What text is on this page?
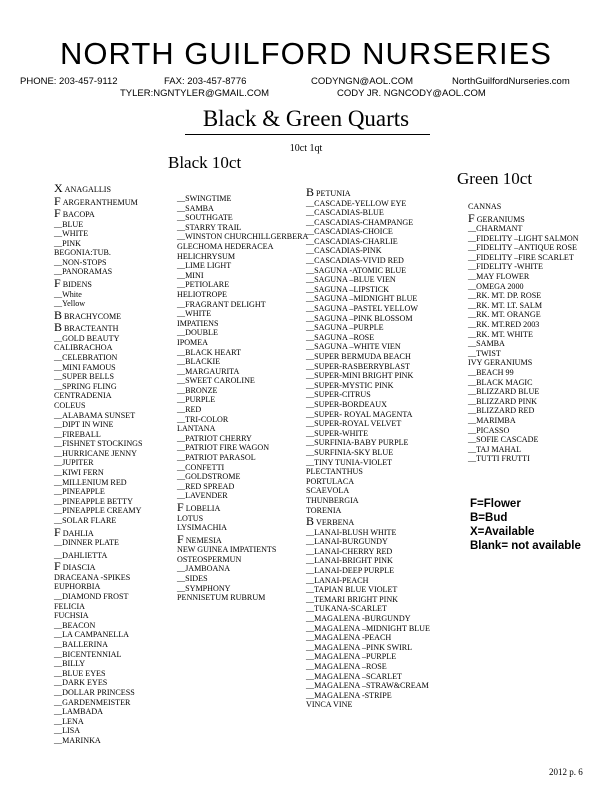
NORTH GUILFORD NURSERIES
PHONE: 203-457-9112	FAX: 203-457-8776	CODYNGN@AOL.COM	NorthGuilfordNurseries.com
TYLER:NGNTYLER@GMAIL.COM	CODY JR. NGNCODY@AOL.COM
Black & Green Quarts
10ct 1qt
Black 10ct
Green 10ct
X ANAGALLIS
F ARGERANTHEMUM
F BACOPA
__BLUE
__WHITE
__PINK
BEGONIA:TUB.
__NON-STOPS
__PANORAMAS
F BIDENS
__White
__Yellow
B BRACHYCOME
B BRACTEANTH
__GOLD BEAUTY
CALIBRACHOA
__CELEBRATION
__MINI FAMOUS
__SUPER BELLS
__SPRING FLING
CENTRADENIA
COLEUS
__ALABAMA SUNSET
__DIPT IN WINE
__FIREBALL
__FISHNET STOCKINGS
__HURRICANE JENNY
__JUPITER
__KIWI FERN
__MILLENIUM RED
__PINEAPPLE
__PINEAPPLE BETTY
__PINEAPPLE CREAMY
__SOLAR FLARE
F DAHLIA
__DINNER PLATE
__DAHLIETTA
F DIASCIA
DRACEANA -SPIKES
EUPHORBIA
__DIAMOND FROST
FELICIA
FUCHSIA
__BEACON
__LA CAMPANELLA
__BALLERINA
__BICENTENNIAL
__BILLY
__BLUE EYES
__DARK EYES
__DOLLAR PRINCESS
__GARDENMEISTER
__LAMBADA
__LENA
__LISA
__MARINKA
__SWINGTIME
__SAMBA
__SOUTHGATE
__STARRY TRAIL
__WINSTON CHURCHILLGERBERA
GLECHOMA HEDERACEA
HELICHRYSUM
__LIME LIGHT
__MINI
__PETIOLARE
HELIOTROPE
__FRAGRANT DELIGHT
__WHITE
IMPATIENS
__DOUBLE
IPOMEA
__BLACK HEART
__BLACKIE
__MARGAURITA
__SWEET CAROLINE
__BRONZE
__PURPLE
__RED
__TRI-COLOR
LANTANA
__PATRIOT CHERRY
__PATRIOT FIRE WAGON
__PATRIOT PARASOL
__CONFETTI
__GOLDSTROME
__RED SPREAD
__LAVENDER
F LOBELIA
LOTUS
LYSIMACHIA
F NEMESIA
NEW GUINEA IMPATIENTS
OSTEOSPERMUN
__JAMBOANA
__SIDES
__SYMPHONY
PENNISETUM RUBRUM
B PETUNIA
__CASCADE-YELLOW EYE
__CASCADIAS-BLUE
__CASCADIAS-CHAMPANGE
__CASCADIAS-CHOICE
__CASCADIAS-CHARLIE
__CASCADIAS-PINK
__CASCADIAS-VIVID RED
__SAGUNA -ATOMIC BLUE
__SAGUNA –BLUE VIEN
__SAGUNA –LIPSTICK
__SAGUNA –MIDNIGHT BLUE
__SAGUNA –PASTEL YELLOW
__SAGUNA –PINK BLOSSOM
__SAGUNA –PURPLE
__SAGUNA –ROSE
__SAGUNA –WHITE VIEN
__SUPER BERMUDA BEACH
__SUPER-RASBERRYBLAST
__SUPER-MINI BRIGHT PINK
__SUPER-MYSTIC PINK
__SUPER-CITRUS
__SUPER-BORDEAUX
__SUPER- ROYAL MAGENTA
__SUPER-ROYAL VELVET
__SUPER-WHITE
__SURFINIA-BABY PURPLE
__SURFINIA-SKY BLUE
__TINY TUNIA-VIOLET
PLECTANTHUS
PORTULACA
SCAEVOLA
THUNBERGIA
TORENIA
B VERBENA
__LANAI-BLUSH WHITE
__LANAI-BURGUNDY
__LANAI-CHERRY RED
__LANAI-BRIGHT PINK
__LANAI-DEEP PURPLE
__LANAI-PEACH
__TAPIAN BLUE VIOLET
__TEMARI BRIGHT PINK
__TUKANA-SCARLET
__MAGALENA -BURGUNDY
__MAGALENA –MIDNIGHT BLUE
__MAGALENA -PEACH
__MAGALENA –PINK SWIRL
__MAGALENA –PURPLE
__MAGALENA –ROSE
__MAGALENA –SCARLET
__MAGALENA –STRAW&CREAM
__MAGALENA -STRIPE
VINCA VINE
CANNAS
F GERANIUMS
__CHARMANT
__FIDELITY –LIGHT SALMON
__FIDELITY –ANTIQUE ROSE
__FIDELITY –FIRE SCARLET
__FIDELITY -WHITE
__MAY FLOWER
__OMEGA 2000
__RK. MT. DP. ROSE
__RK. MT. LT. SALM
__RK. MT. ORANGE
__RK. MT.RED 2003
__RK. MT. WHITE
__SAMBA
__TWIST
IVY GERANIUMS
__BEACH 99
__BLACK MAGIC
__BLIZZARD BLUE
__BLIZZARD PINK
__BLIZZARD RED
__MARIMBA
__PICASSO
__SOFIE CASCADE
__TAJ MAHAL
__TUTTI FRUTTI
F=Flower
B=Bud
X=Available
Blank= not available
2012 p. 6
